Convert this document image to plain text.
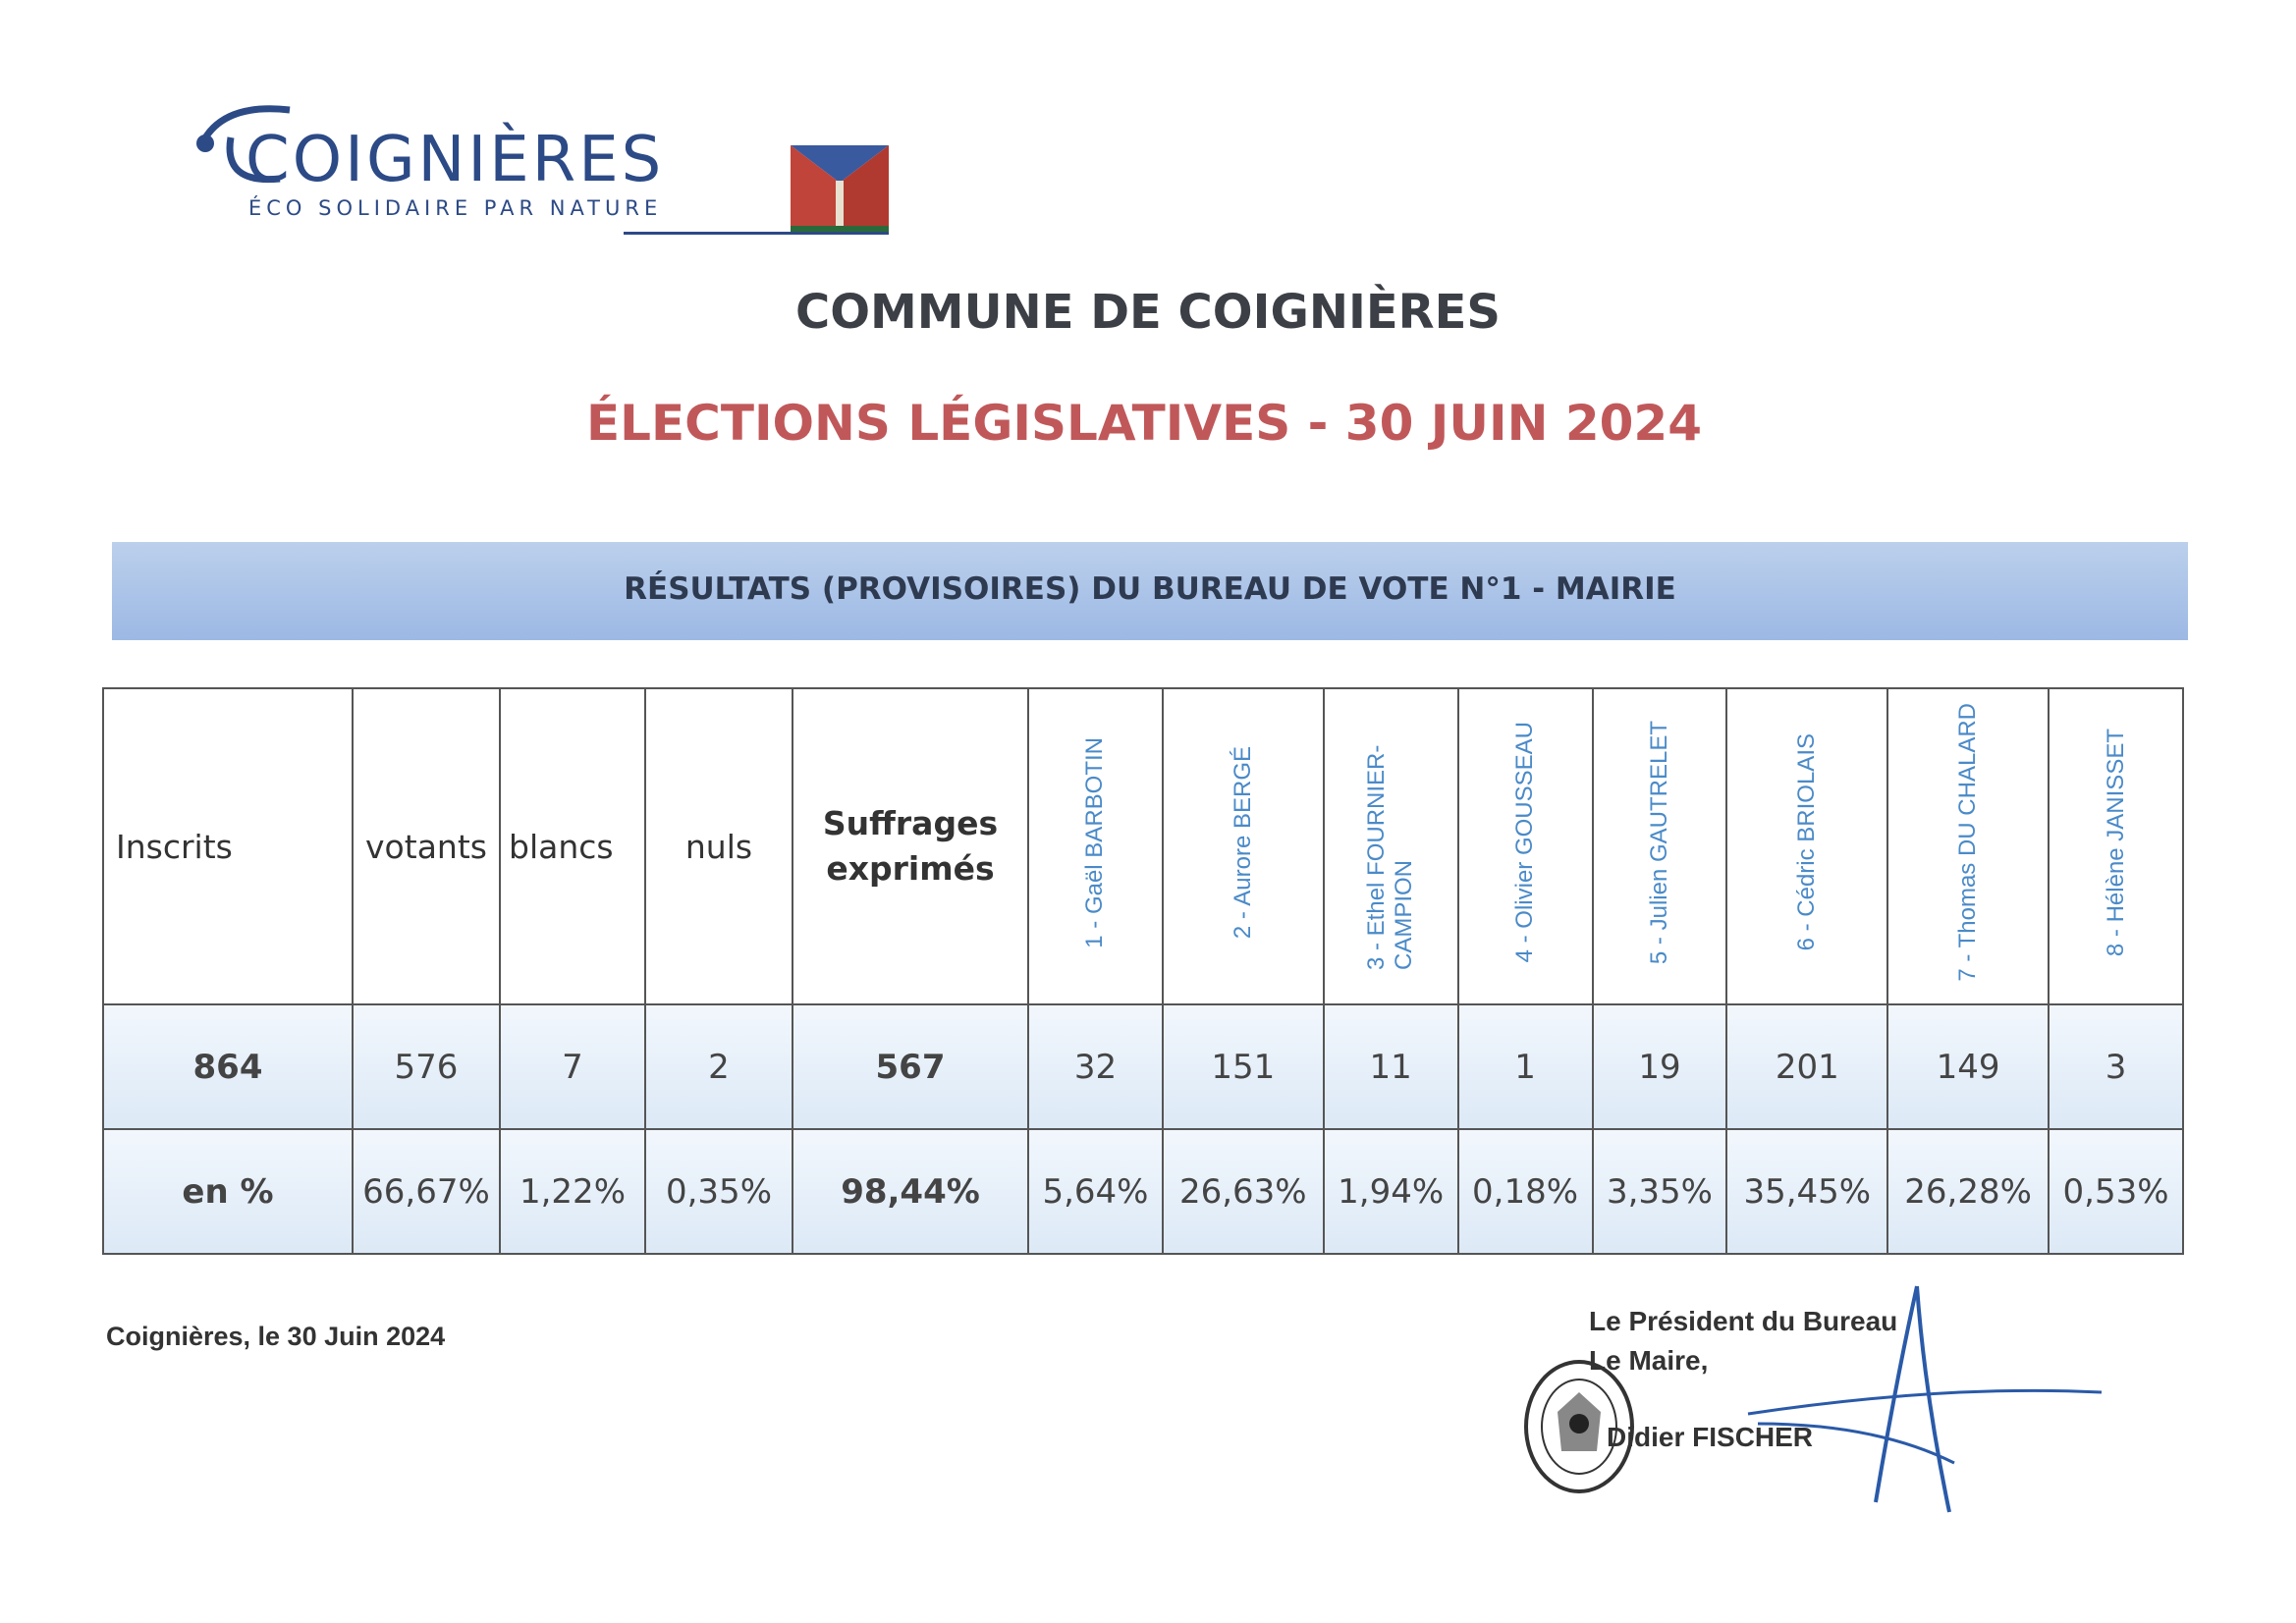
COIGNIÈRES
ÉCO SOLIDAIRE PAR NATURE
COMMUNE DE COIGNIÈRES
ÉLECTIONS LÉGISLATIVES - 30 JUIN 2024
RÉSULTATS (PROVISOIRES) DU BUREAU DE VOTE N°1 - MAIRIE
Inscrits	votants	blancs	nuls	Suffrages exprimés	1 - Gaël BARBOTIN	2 - Aurore BERGÉ	3 - Ethel FOURNIER-CAMPION	4 - Olivier GOUSSEAU	5 - Julien GAUTRELET	6 - Cédric BRIOLAIS	7 - Thomas DU CHALARD	8 - Hélène JANISSET
864	576	7	2	567	32	151	11	1	19	201	149	3
en %	66,67%	1,22%	0,35%	98,44%	5,64%	26,63%	1,94%	0,18%	3,35%	35,45%	26,28%	0,53%
Coignières, le 30 Juin 2024	Le Président du Bureau
Le Maire,
Didier FISCHER
